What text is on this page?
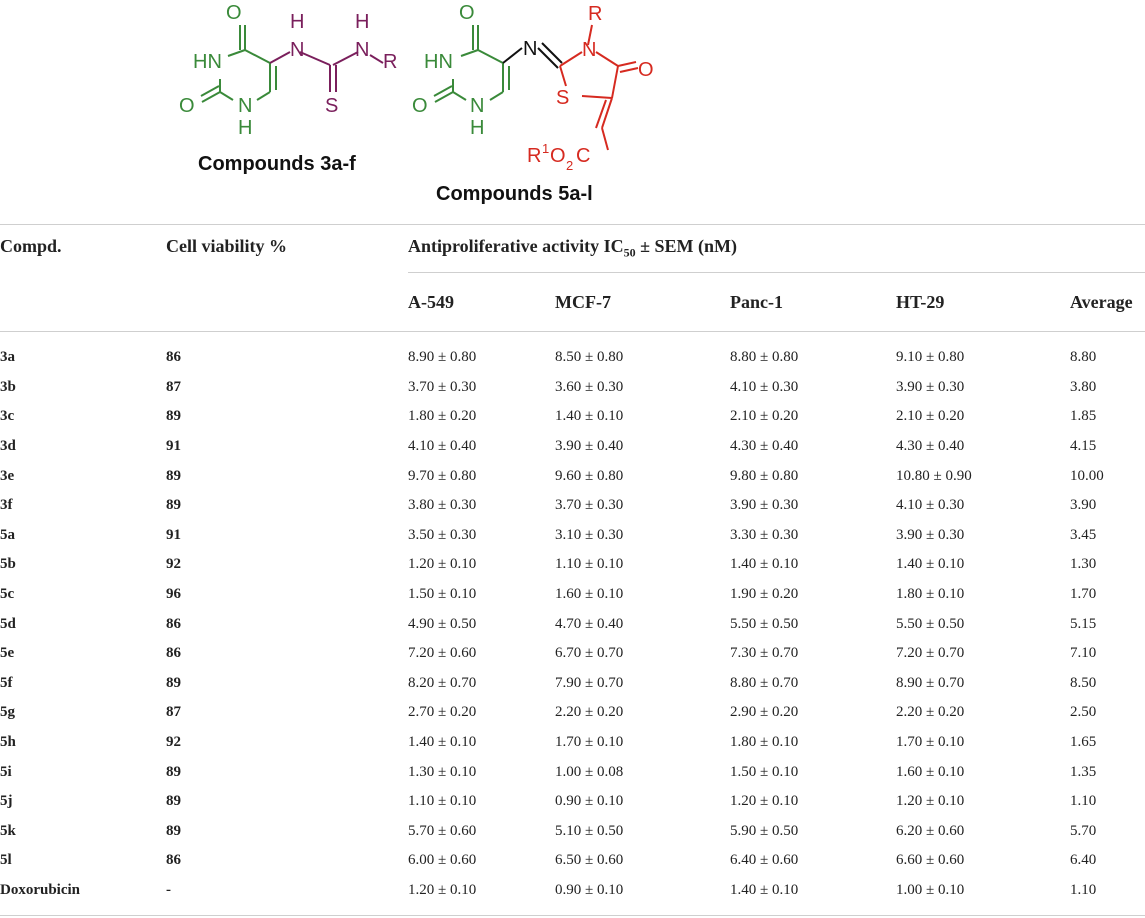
O
HN
O N
H
H
N
H
N
R
S
O
HN
O N
H
N
R
N
O
S
R 1 O 2 C
Compounds 3a-f
Compounds 5a-l
Compd.	Cell viability %	Antiproliferative activity $IC_{50}$ ± SEM (nM)
A-549	MCF-7	Panc-1	HT-29	Average
3a	86	8.90 ± 0.80	8.50 ± 0.80	8.80 ± 0.80	9.10 ± 0.80	8.80
3b	87	3.70 ± 0.30	3.60 ± 0.30	4.10 ± 0.30	3.90 ± 0.30	3.80
3c	89	1.80 ± 0.20	1.40 ± 0.10	2.10 ± 0.20	2.10 ± 0.20	1.85
3d	91	4.10 ± 0.40	3.90 ± 0.40	4.30 ± 0.40	4.30 ± 0.40	4.15
3e	89	9.70 ± 0.80	9.60 ± 0.80	9.80 ± 0.80	10.80 ± 0.90	10.00
3f	89	3.80 ± 0.30	3.70 ± 0.30	3.90 ± 0.30	4.10 ± 0.30	3.90
5a	91	3.50 ± 0.30	3.10 ± 0.30	3.30 ± 0.30	3.90 ± 0.30	3.45
5b	92	1.20 ± 0.10	1.10 ± 0.10	1.40 ± 0.10	1.40 ± 0.10	1.30
5c	96	1.50 ± 0.10	1.60 ± 0.10	1.90 ± 0.20	1.80 ± 0.10	1.70
5d	86	4.90 ± 0.50	4.70 ± 0.40	5.50 ± 0.50	5.50 ± 0.50	5.15
5e	86	7.20 ± 0.60	6.70 ± 0.70	7.30 ± 0.70	7.20 ± 0.70	7.10
5f	89	8.20 ± 0.70	7.90 ± 0.70	8.80 ± 0.70	8.90 ± 0.70	8.50
5g	87	2.70 ± 0.20	2.20 ± 0.20	2.90 ± 0.20	2.20 ± 0.20	2.50
5h	92	1.40 ± 0.10	1.70 ± 0.10	1.80 ± 0.10	1.70 ± 0.10	1.65
5i	89	1.30 ± 0.10	1.00 ± 0.08	1.50 ± 0.10	1.60 ± 0.10	1.35
5j	89	1.10 ± 0.10	0.90 ± 0.10	1.20 ± 0.10	1.20 ± 0.10	1.10
5k	89	5.70 ± 0.60	5.10 ± 0.50	5.90 ± 0.50	6.20 ± 0.60	5.70
5l	86	6.00 ± 0.60	6.50 ± 0.60	6.40 ± 0.60	6.60 ± 0.60	6.40
Doxorubicin	-	1.20 ± 0.10	0.90 ± 0.10	1.40 ± 0.10	1.00 ± 0.10	1.10
